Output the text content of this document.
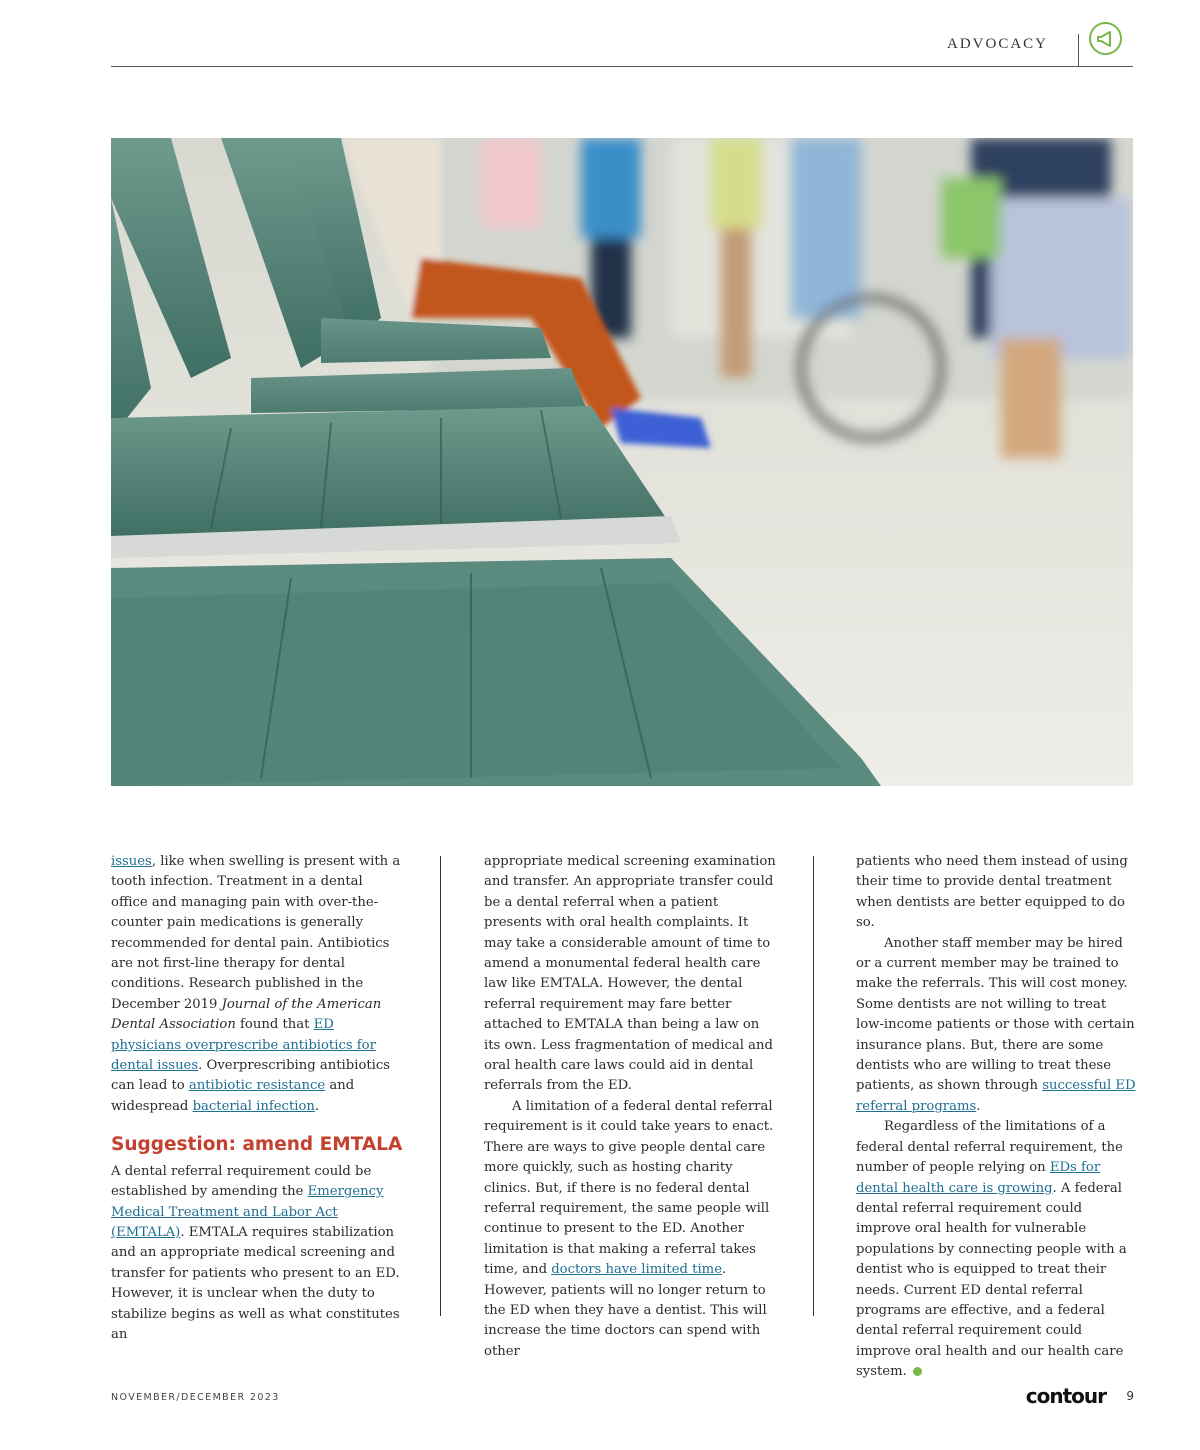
ADVOCACY

issues, like when swelling is present with a tooth infection. Treatment in a dental office and managing pain with over-the-counter pain medications is generally recommended for dental pain. Antibiotics are not first-line therapy for dental conditions. Research published in the December 2019 Journal of the American Dental Association found that ED physicians overprescribe antibiotics for dental issues. Overprescribing antibiotics can lead to antibiotic resistance and widespread bacterial infection.

Suggestion: amend EMTALA

A dental referral requirement could be established by amending the Emergency Medical Treatment and Labor Act (EMTALA). EMTALA requires stabilization and an appropriate medical screening and transfer for patients who present to an ED. However, it is unclear when the duty to stabilize begins as well as what constitutes an

appropriate medical screening examination and transfer. An appropriate transfer could be a dental referral when a patient presents with oral health complaints. It may take a considerable amount of time to amend a monumental federal health care law like EMTALA. However, the dental referral requirement may fare better attached to EMTALA than being a law on its own. Less fragmentation of medical and oral health care laws could aid in dental referrals from the ED.

A limitation of a federal dental referral requirement is it could take years to enact. There are ways to give people dental care more quickly, such as hosting charity clinics. But, if there is no federal dental referral requirement, the same people will continue to present to the ED. Another limitation is that making a referral takes time, and doctors have limited time. However, patients will no longer return to the ED when they have a dentist. This will increase the time doctors can spend with other

patients who need them instead of using their time to provide dental treatment when dentists are better equipped to do so.

Another staff member may be hired or a current member may be trained to make the referrals. This will cost money. Some dentists are not willing to treat low-income patients or those with certain insurance plans. But, there are some dentists who are willing to treat these patients, as shown through successful ED referral programs.

Regardless of the limitations of a federal dental referral requirement, the number of people relying on EDs for dental health care is growing. A federal dental referral requirement could improve oral health for vulnerable populations by connecting people with a dentist who is equipped to treat their needs. Current ED dental referral programs are effective, and a federal dental referral requirement could improve oral health and our health care system.

NOVEMBER/DECEMBER 2023	contour	9
